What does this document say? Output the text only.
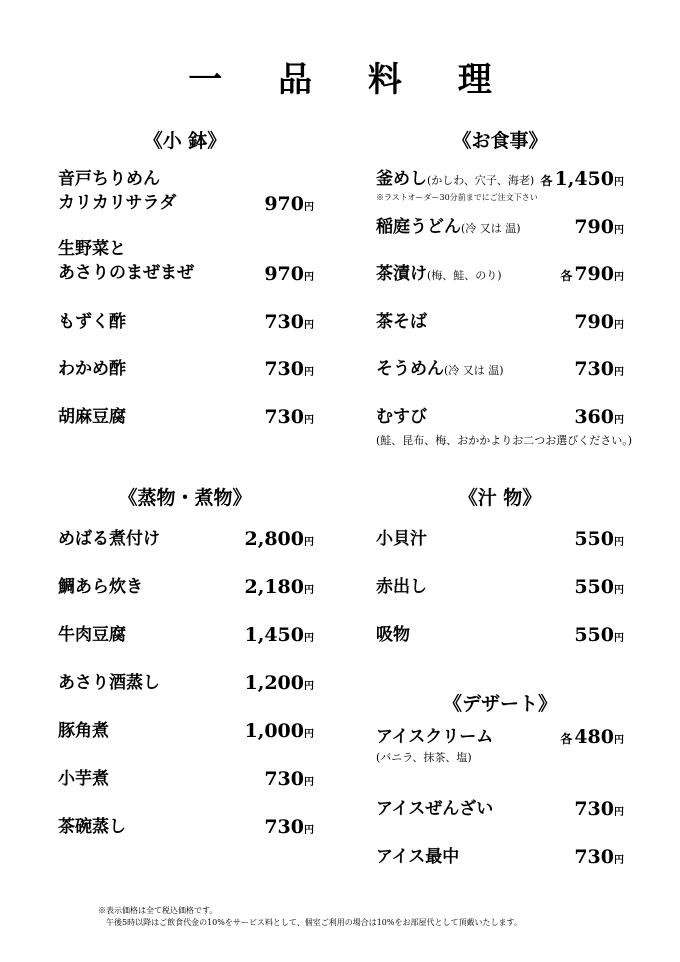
一 品 料 理
《小 鉢》	《お食事》
《蒸物・煮物》	《汁 物》
《デザート》
音戸ちりめん
カリカリサラダ	970円
生野菜と
あさりのまぜまぜ	970円
もずく酢	730円
わかめ酢	730円
胡麻豆腐	730円
めばる煮付け	2,800円
鯛あら炊き	2,180円
牛肉豆腐	1,450円
あさり酒蒸し	1,200円
豚角煮	1,000円
小芋煮	730円
茶碗蒸し	730円
釜めし(かしわ、穴子、海老) 各 1,450円
※ラストオーダー30分前までにご注文下さい
稲庭うどん(冷 又は 温)	790円
茶漬け(梅、鮭、のり)	各 790円
茶そば	790円
そうめん(冷 又は 温)	730円
むすび	360円
(鮭、昆布、梅、おかかよりお二つお選びください。)
小貝汁	550円
赤出し	550円
吸物	550円
アイスクリーム	各 480円
(バニラ、抹茶、塩)
アイスぜんざい	730円
アイス最中	730円
※表示価格は全て税込価格です。
午後5時以降はご飲食代金の10%をサービス料として、個室ご利用の場合は10%をお部屋代として頂戴いたします。
